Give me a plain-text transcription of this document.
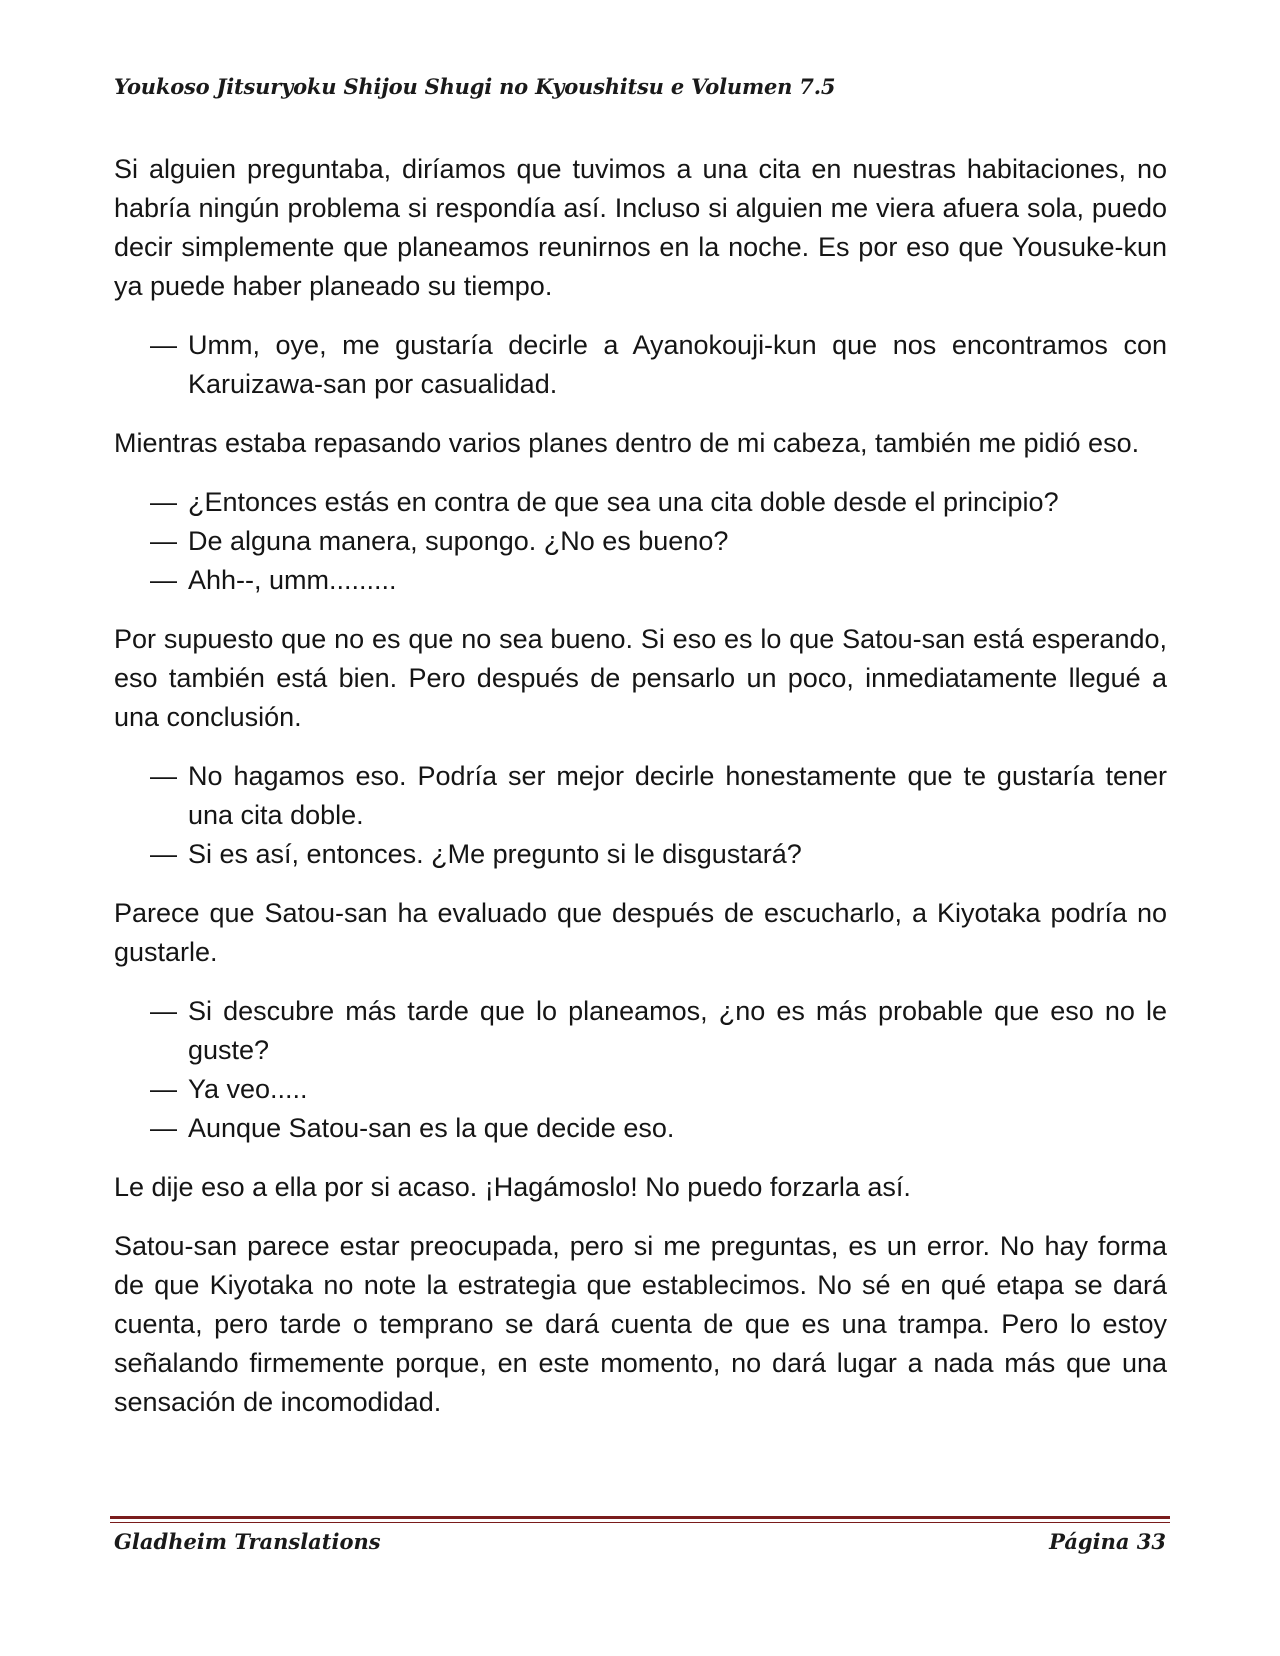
Youkoso Jitsuryoku Shijou Shugi no Kyoushitsu e Volumen 7.5

Si alguien preguntaba, diríamos que tuvimos a una cita en nuestras habitaciones, no habría ningún problema si respondía así. Incluso si alguien me viera afuera sola, puedo decir simplemente que planeamos reunirnos en la noche. Es por eso que Yousuke-kun ya puede haber planeado su tiempo.

— Umm, oye, me gustaría decirle a Ayanokouji-kun que nos encontramos con Karuizawa-san por casualidad.

Mientras estaba repasando varios planes dentro de mi cabeza, también me pidió eso.

— ¿Entonces estás en contra de que sea una cita doble desde el principio?
— De alguna manera, supongo. ¿No es bueno?
— Ahh--, umm.........

Por supuesto que no es que no sea bueno. Si eso es lo que Satou-san está esperando, eso también está bien. Pero después de pensarlo un poco, inmediatamente llegué a una conclusión.

— No hagamos eso. Podría ser mejor decirle honestamente que te gustaría tener una cita doble.
— Si es así, entonces. ¿Me pregunto si le disgustará?

Parece que Satou-san ha evaluado que después de escucharlo, a Kiyotaka podría no gustarle.

— Si descubre más tarde que lo planeamos, ¿no es más probable que eso no le guste?
— Ya veo.....
— Aunque Satou-san es la que decide eso.

Le dije eso a ella por si acaso. ¡Hagámoslo! No puedo forzarla así.

Satou-san parece estar preocupada, pero si me preguntas, es un error. No hay forma de que Kiyotaka no note la estrategia que establecimos. No sé en qué etapa se dará cuenta, pero tarde o temprano se dará cuenta de que es una trampa. Pero lo estoy señalando firmemente porque, en este momento, no dará lugar a nada más que una sensación de incomodidad.

Gladheim Translations	Página 33
